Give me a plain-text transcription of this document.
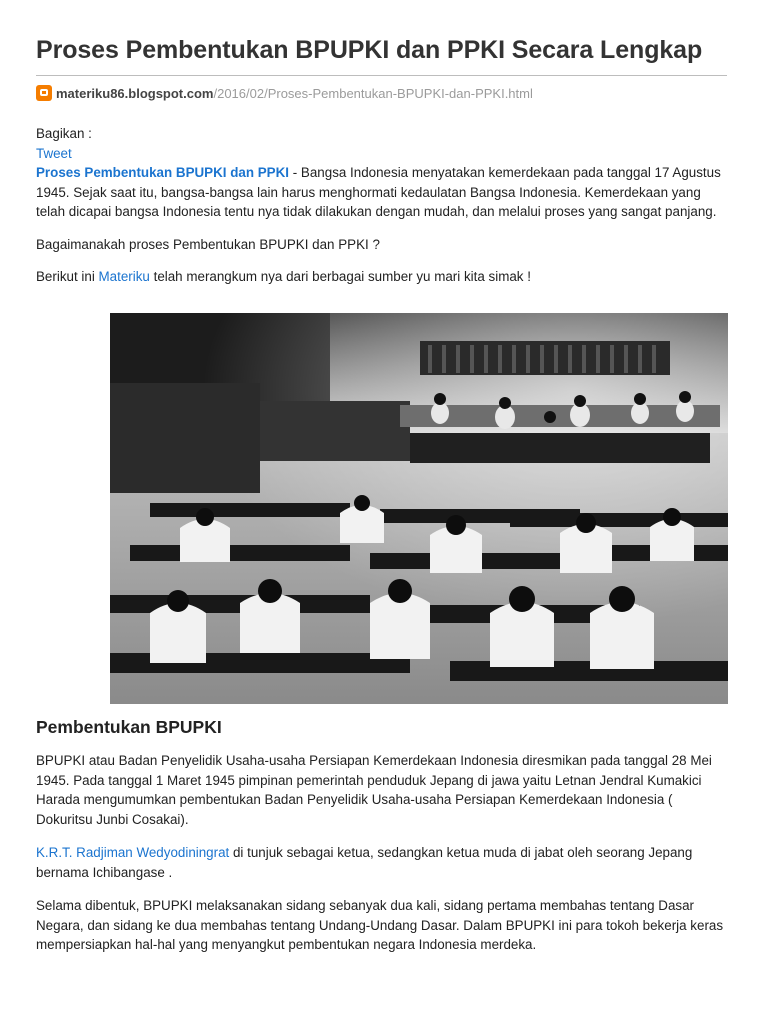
Proses Pembentukan BPUPKI dan PPKI Secara Lengkap
materiku86.blogspot.com /2016/02/Proses-Pembentukan-BPUPKI-dan-PPKI.html

Bagikan :

Tweet

Proses Pembentukan BPUPKI dan PPKI - Bangsa Indonesia menyatakan kemerdekaan pada tanggal 17 Agustus 1945. Sejak saat itu, bangsa-bangsa lain harus menghormati kedaulatan Bangsa Indonesia. Kemerdekaan yang telah dicapai bangsa Indonesia tentu nya tidak dilakukan dengan mudah, dan melalui proses yang sangat panjang.

Bagaimanakah proses Pembentukan BPUPKI dan PPKI ?

Berikut ini Materiku telah merangkum nya dari berbagai sumber yu mari kita simak !

Pembentukan BPUPKI

BPUPKI atau Badan Penyelidik Usaha-usaha Persiapan Kemerdekaan Indonesia diresmikan pada tanggal 28 Mei 1945. Pada tanggal 1 Maret 1945 pimpinan pemerintah penduduk Jepang di jawa yaitu Letnan Jendral Kumakici Harada mengumumkan pembentukan Badan Penyelidik Usaha-usaha Persiapan Kemerdekaan Indonesia ( Dokuritsu Junbi Cosakai).

K.R.T. Radjiman Wedyodiningrat di tunjuk sebagai ketua, sedangkan ketua muda di jabat oleh seorang Jepang bernama Ichibangase .

Selama dibentuk, BPUPKI melaksanakan sidang sebanyak dua kali, sidang pertama membahas tentang Dasar Negara, dan sidang ke dua membahas tentang Undang-Undang Dasar. Dalam BPUPKI ini para tokoh bekerja keras mempersiapkan hal-hal yang menyangkut pembentukan negara Indonesia merdeka.
